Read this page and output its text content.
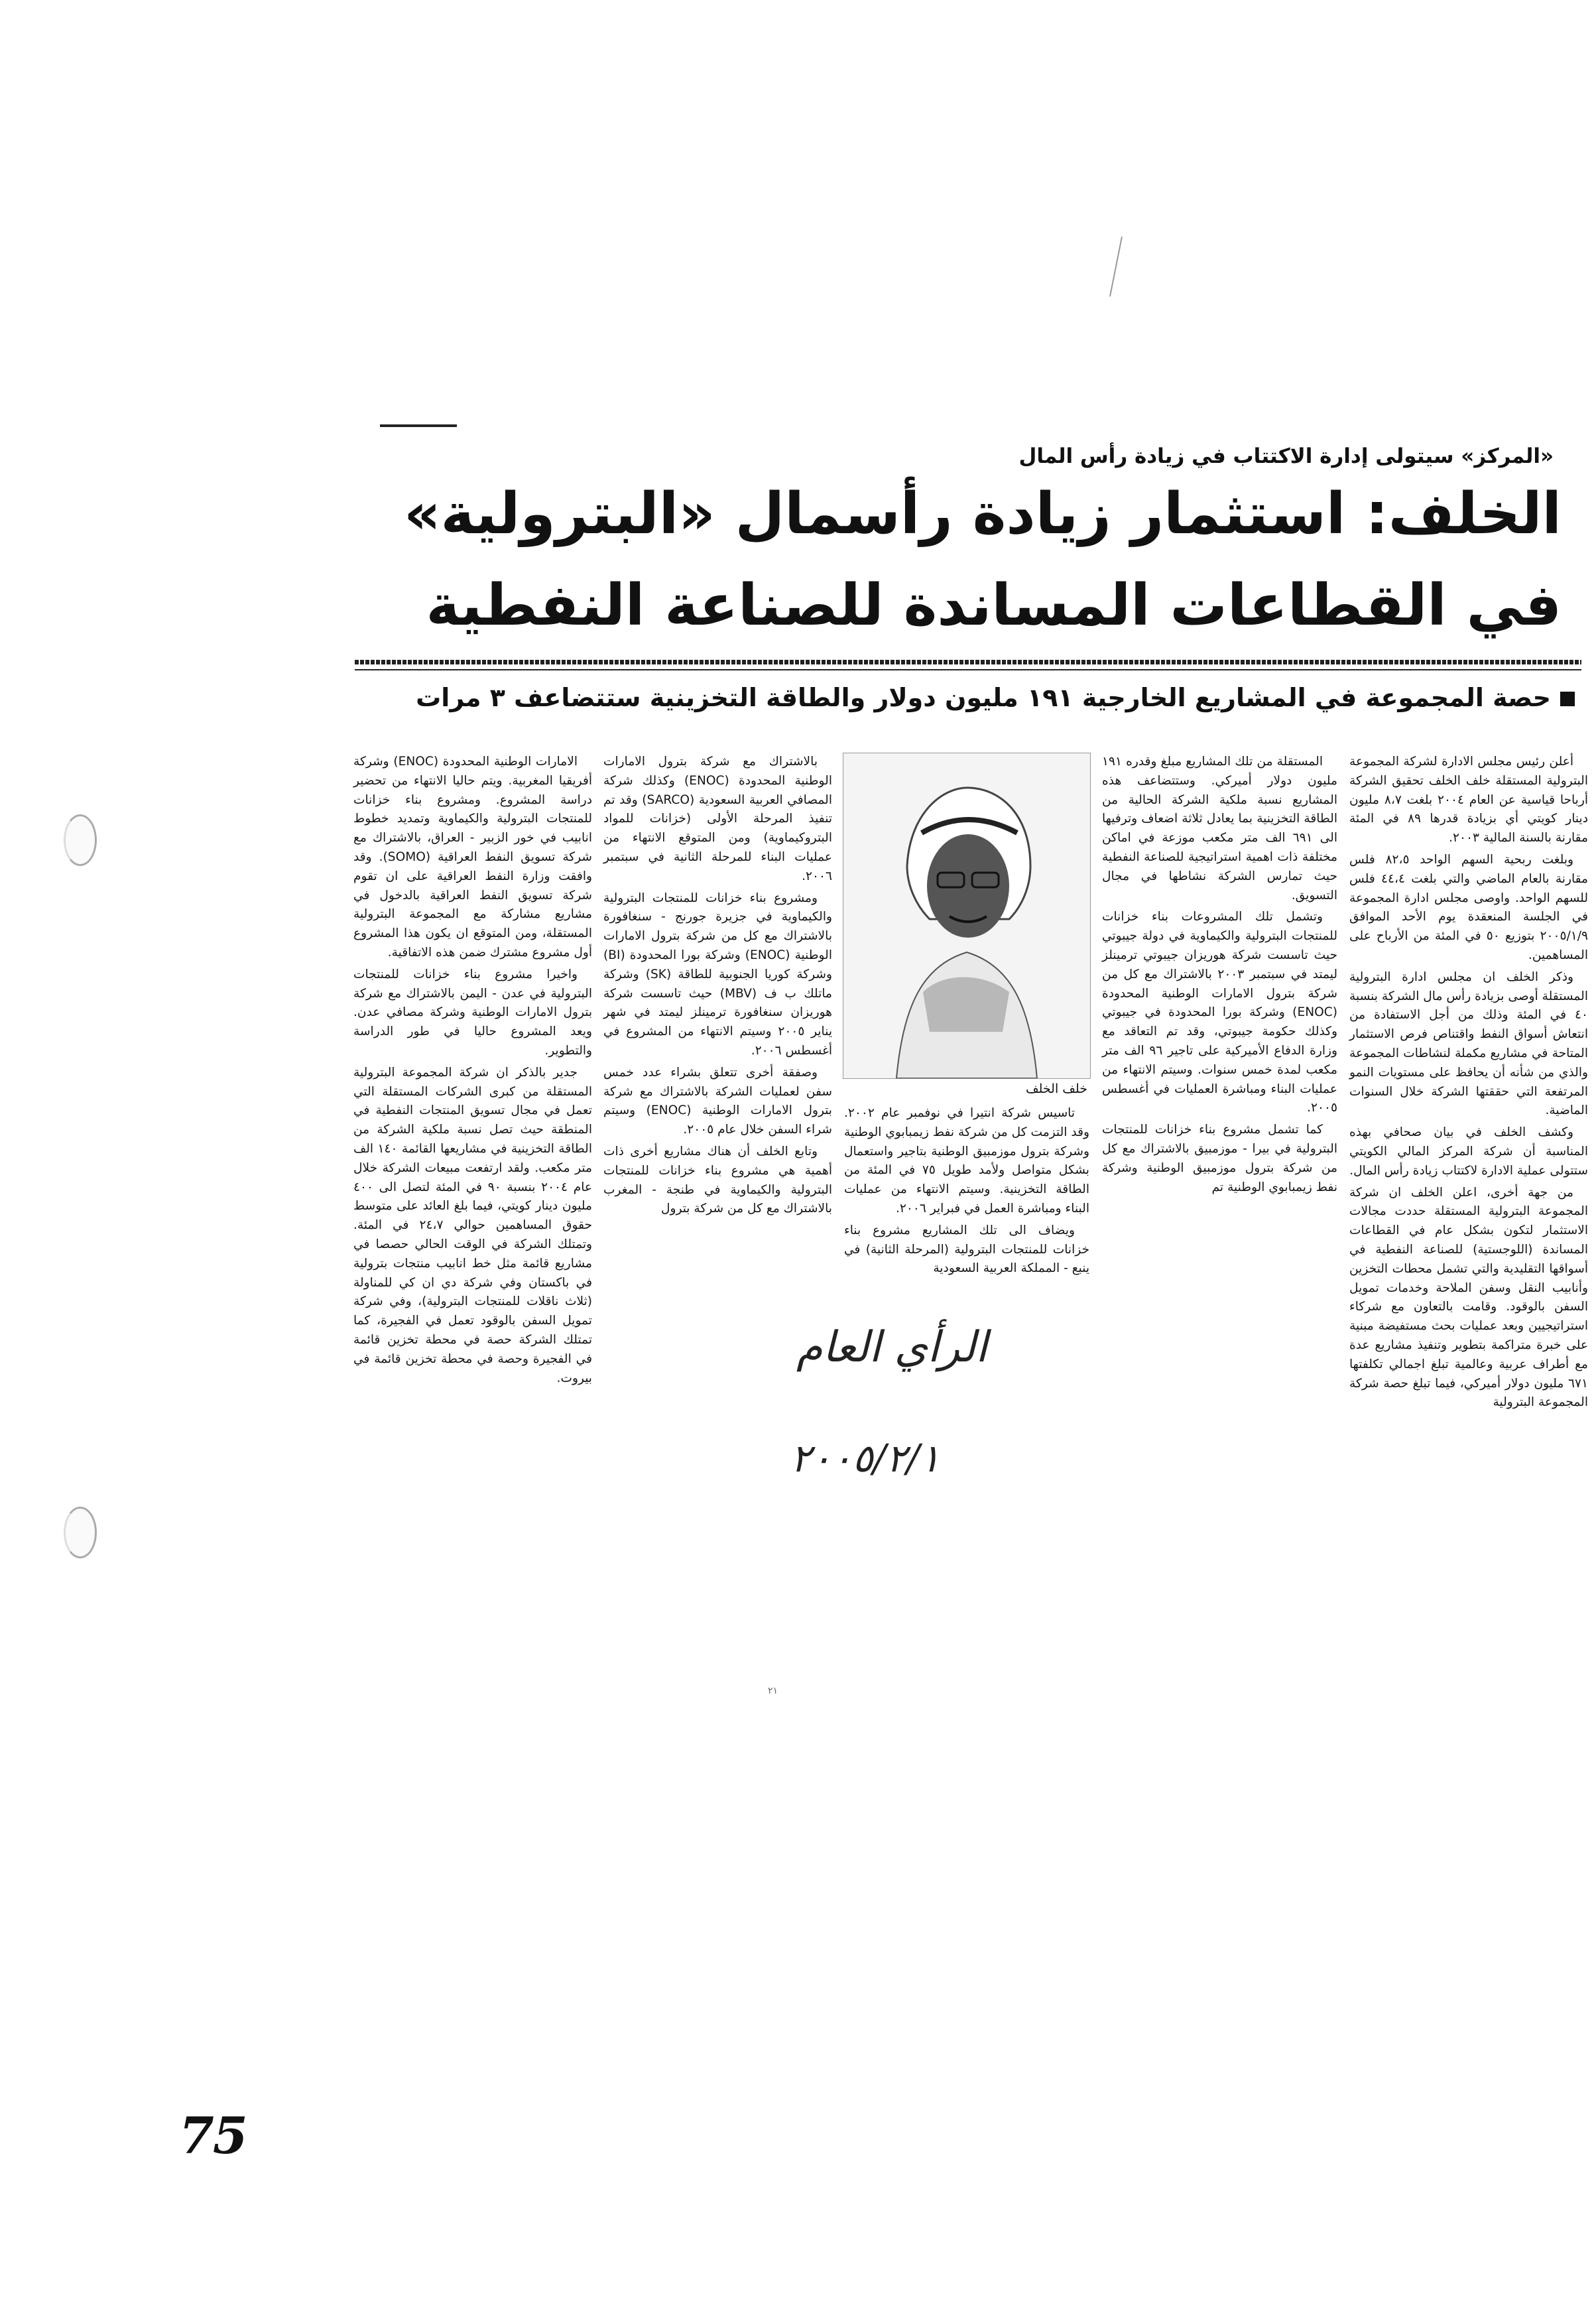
«المركز» سيتولى إدارة الاكتتاب في زيادة رأس المال
الخلف: استثمار زيادة رأسمال «البترولية»
في القطاعات المساندة للصناعة النفطية
حصة المجموعة في المشاريع الخارجية ١٩١ مليون دولار والطاقة التخزينية ستتضاعف ٣ مرات

أعلن رئيس مجلس الادارة لشركة المجموعة البترولية المستقلة خلف الخلف تحقيق الشركة أرباحا قياسية عن العام ٢٠٠٤ بلغت ٨،٧ مليون دينار كويتي أي بزيادة قدرها ٨٩ في المئة مقارنة بالسنة المالية ٢٠٠٣.

وبلغت ربحية السهم الواحد ٨٢،٥ فلس مقارنة بالعام الماضي والتي بلغت ٤٤،٤ فلس للسهم الواحد. واوصى مجلس ادارة المجموعة في الجلسة المنعقدة يوم الأحد الموافق ٢٠٠٥/١/٩ بتوزيع ٥٠ في المئة من الأرباح على المساهمين.

وذكر الخلف ان مجلس ادارة البترولية المستقلة أوصى بزيادة رأس مال الشركة بنسبة ٤٠ في المئة وذلك من أجل الاستفادة من انتعاش أسواق النفط واقتناص فرص الاستثمار المتاحة في مشاريع مكملة لنشاطات المجموعة والذي من شأنه أن يحافظ على مستويات النمو المرتفعة التي حققتها الشركة خلال السنوات الماضية.

وكشف الخلف في بيان صحافي بهذه المناسبة أن شركة المركز المالي الكويتي ستتولى عملية الادارة لاكتتاب زيادة رأس المال.

من جهة أخرى، اعلن الخلف ان شركة المجموعة البترولية المستقلة حددت مجالات الاستثمار لتكون بشكل عام في القطاعات المساندة (اللوجستية) للصناعة النفطية في أسواقها التقليدية والتي تشمل محطات التخزين وأنابيب النقل وسفن الملاحة وخدمات تمويل السفن بالوقود. وقامت بالتعاون مع شركاء استراتيجيين وبعد عمليات بحث مستفيضة مبنية على خبرة متراكمة بتطوير وتنفيذ مشاريع عدة مع أطراف عربية وعالمية تبلغ اجمالي تكلفتها ٦٧١ مليون دولار أميركي، فيما تبلغ حصة شركة المجموعة البترولية

المستقلة من تلك المشاريع مبلغ وقدره ١٩١ مليون دولار أميركي. وستتضاعف هذه المشاريع نسبة ملكية الشركة الحالية من الطاقة التخزينية بما يعادل ثلاثة اضعاف وترفيها الى ٦٩١ الف متر مكعب موزعة في اماكن مختلفة ذات اهمية استراتيجية للصناعة النفطية حيث تمارس الشركة نشاطها في مجال التسويق.

وتشمل تلك المشروعات بناء خزانات للمنتجات البترولية والكيماوية في دولة جيبوتي حيث تاسست شركة هوريزان جيبوتي ترمينلز ليمتد في سبتمبر ٢٠٠٣ بالاشتراك مع كل من شركة بترول الامارات الوطنية المحدودة (ENOC) وشركة بورا المحدودة في جيبوتي وكذلك حكومة جيبوتي، وقد تم التعاقد مع وزارة الدفاع الأميركية على تاجير ٩٦ الف متر مكعب لمدة خمس سنوات. وسيتم الانتهاء من عمليات البناء ومباشرة العمليات في أغسطس ٢٠٠٥.

كما تشمل مشروع بناء خزانات للمنتجات البترولية في بيرا - موزمبيق بالاشتراك مع كل من شركة بترول موزمبيق الوطنية وشركة نفط زيمبابوي الوطنية تم

خلف الخلف

تاسيس شركة انتيرا في نوفمبر عام ٢٠٠٢. وقد التزمت كل من شركة نفط زيمبابوي الوطنية وشركة بترول موزمبيق الوطنية بتاجير واستعمال بشكل متواصل ولأمد طويل ٧٥ في المئة من الطاقة التخزينية. وسيتم الانتهاء من عمليات البناء ومباشرة العمل في فبراير ٢٠٠٦.

ويضاف الى تلك المشاريع مشروع بناء خزانات للمنتجات البترولية (المرحلة الثانية) في ينبع - المملكة العربية السعودية

بالاشتراك مع شركة بترول الامارات الوطنية المحدودة (ENOC) وكذلك شركة المصافي العربية السعودية (SARCO) وقد تم تنفيذ المرحلة الأولى (خزانات للمواد البتروكيماوية) ومن المتوقع الانتهاء من عمليات البناء للمرحلة الثانية في سبتمبر ٢٠٠٦.

ومشروع بناء خزانات للمنتجات البترولية والكيماوية في جزيرة جورنج - سنغافورة بالاشتراك مع كل من شركة بترول الامارات الوطنية (ENOC) وشركة بورا المحدودة (BI) وشركة كوريا الجنوبية للطاقة (SK) وشركة ماتلك ب ف (MBV) حيث تاسست شركة هوريزان سنغافورة ترمينلز ليمتد في شهر يناير ٢٠٠٥ وسيتم الانتهاء من المشروع في أغسطس ٢٠٠٦.

وصفقة أخرى تتعلق بشراء عدد خمس سفن لعمليات الشركة بالاشتراك مع شركة بترول الامارات الوطنية (ENOC) وسيتم شراء السفن خلال عام ٢٠٠٥.

وتابع الخلف أن هناك مشاريع أخرى ذات أهمية هي مشروع بناء خزانات للمنتجات البترولية والكيماوية في طنجة - المغرب بالاشتراك مع كل من شركة بترول

الامارات الوطنية المحدودة (ENOC) وشركة أفريقيا المغربية. ويتم حاليا الانتهاء من تحضير دراسة المشروع. ومشروع بناء خزانات للمنتجات البترولية والكيماوية وتمديد خطوط انابيب في خور الزبير - العراق، بالاشتراك مع شركة تسويق النفط العراقية (SOMO). وقد وافقت وزارة النفط العراقية على ان تقوم شركة تسويق النفط العراقية بالدخول في مشاريع مشاركة مع المجموعة البترولية المستقلة، ومن المتوقع ان يكون هذا المشروع أول مشروع مشترك ضمن هذه الاتفاقية.

واخيرا مشروع بناء خزانات للمنتجات البترولية في عدن - اليمن بالاشتراك مع شركة بترول الامارات الوطنية وشركة مصافي عدن. ويعد المشروع حاليا في طور الدراسة والتطوير.

جدير بالذكر ان شركة المجموعة البترولية المستقلة من كبرى الشركات المستقلة التي تعمل في مجال تسويق المنتجات النفطية في المنطقة حيث تصل نسبة ملكية الشركة من الطاقة التخزينية في مشاريعها القائمة ١٤٠ الف متر مكعب. ولقد ارتفعت مبيعات الشركة خلال عام ٢٠٠٤ بنسبة ٩٠ في المئة لتصل الى ٤٠٠ مليون دينار كويتي، فيما بلغ العائد على متوسط حقوق المساهمين حوالي ٢٤،٧ في المئة. وتمتلك الشركة في الوقت الحالي حصصا في مشاريع قائمة مثل خط انابيب منتجات بترولية في باكستان وفي شركة دي ان كي للمناولة (ثلاث ناقلات للمنتجات البترولية)، وفي شركة تمويل السفن بالوقود تعمل في الفجيرة، كما تمتلك الشركة حصة في محطة تخزين قائمة في الفجيرة وحصة في محطة تخزين قائمة في بيروت.

الرأي العام
٢٠٠٥/٢/١
٢١
75
